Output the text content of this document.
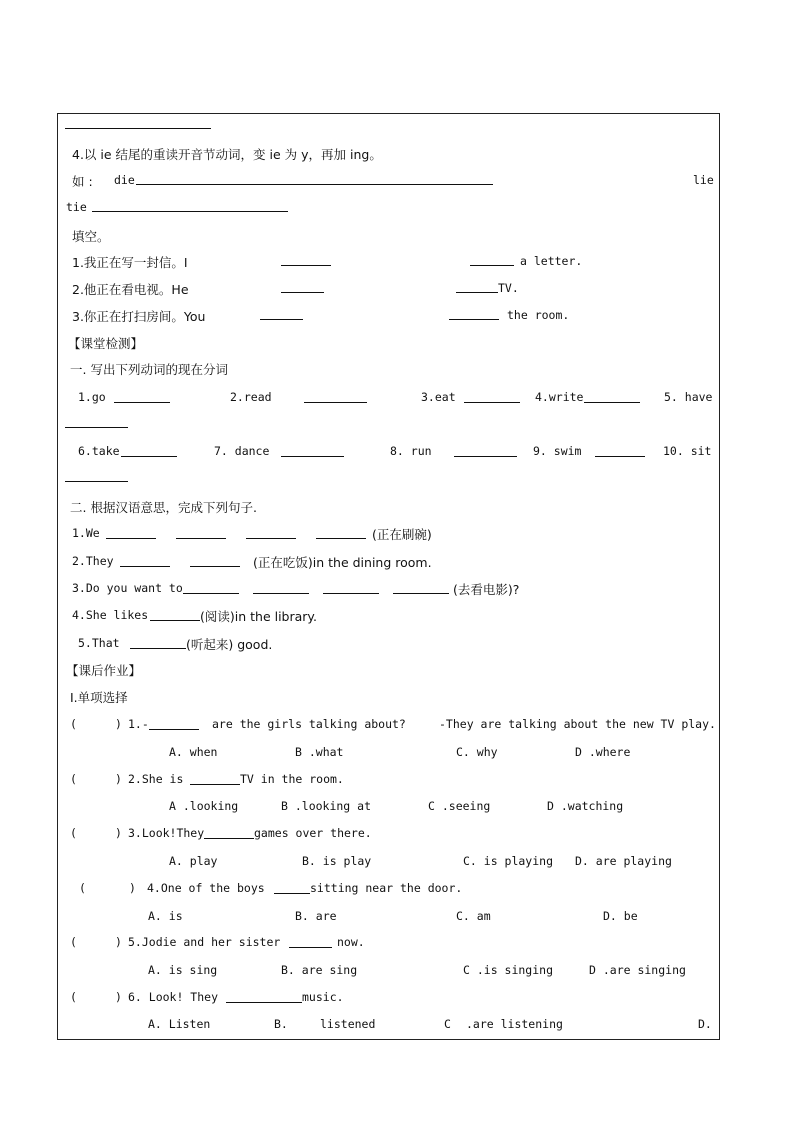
4.以 ie 结尾的重读开音节动词，变 ie 为 y，再加 ing。
如 : die	lie
tie
填空。
1.我正在写一封信。I	a letter.
2.他正在看电视。He	TV.
3.你正在打扫房间。You	the room.
【课堂检测】
一. 写出下列动词的现在分词
1.go	2.read	3.eat	4.write	5. have
6.take	7. dance	8. run	9. swim	10. sit
二. 根据汉语意思，完成下列句子.
1.We	(正在刷碗)
2.They	(正在吃饭)in the dining room.
3.Do you want to	(去看电影)?
4.She likes	(阅读)in the library.
5.That	(听起来) good.
【课后作业】
I.单项选择
(	) 1.-	are the girls talking about?	-They are talking about the new TV play.
A. when	B .what	C. why	D .where
(	) 2.She is	TV in the room.
A .looking	B .looking at	C .seeing	D .watching
(	) 3.Look!They	games over there.
A. play	B. is play	C. is playing D. are playing
(	) 4.One of the boys	sitting near the door.
A. is	B. are	C. am	D. be
(	) 5.Jodie and her sister	now.
A. is sing	B. are sing	C .is singing	D .are singing
(	) 6. Look! They	music.
A. Listen	B.	listened	C .are listening	D.
